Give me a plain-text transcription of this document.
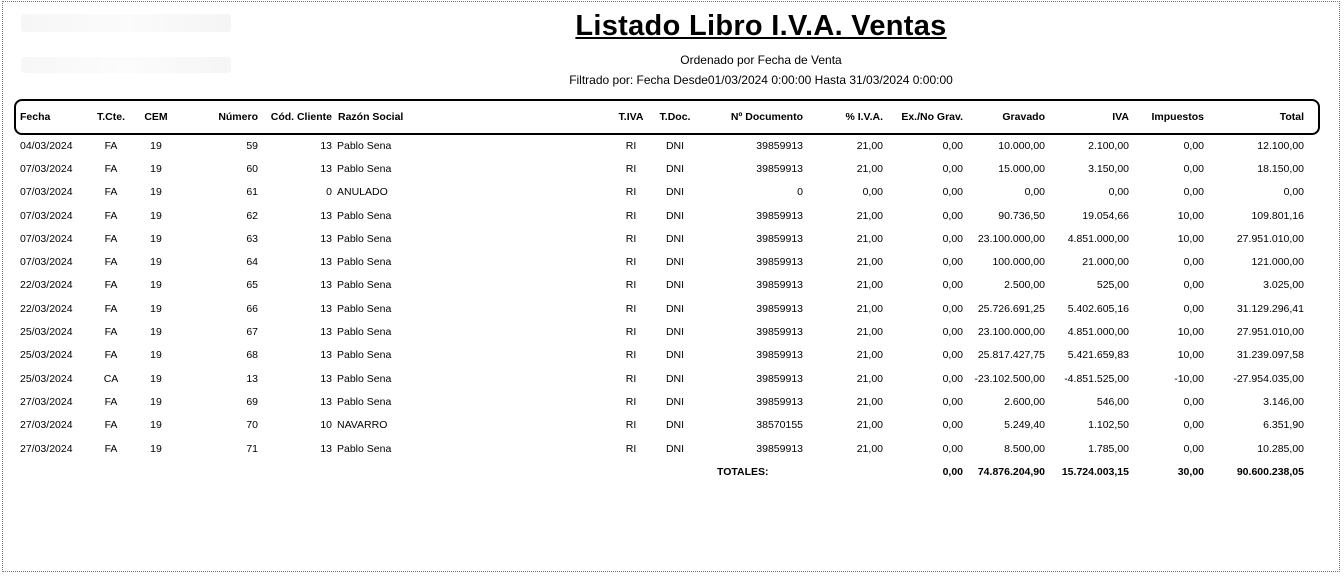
Listado Libro I.V.A. Ventas
Ordenado por Fecha de Venta
Filtrado por: Fecha Desde01/03/2024 0:00:00 Hasta 31/03/2024 0:00:00
Fecha	T.Cte.	CEM	Número	Cód. Cliente	Razón Social	T.IVA	T.Doc.	Nº Documento	% I.V.A.	Ex./No Grav.	Gravado	IVA	Impuestos	Total
04/03/2024	FA	19	59	13	Pablo Sena	RI	DNI	39859913	21,00	0,00	10.000,00	2.100,00	0,00	12.100,00
07/03/2024	FA	19	60	13	Pablo Sena	RI	DNI	39859913	21,00	0,00	15.000,00	3.150,00	0,00	18.150,00
07/03/2024	FA	19	61	0	ANULADO	RI	DNI	0	0,00	0,00	0,00	0,00	0,00	0,00
07/03/2024	FA	19	62	13	Pablo Sena	RI	DNI	39859913	21,00	0,00	90.736,50	19.054,66	10,00	109.801,16
07/03/2024	FA	19	63	13	Pablo Sena	RI	DNI	39859913	21,00	0,00	23.100.000,00	4.851.000,00	10,00	27.951.010,00
07/03/2024	FA	19	64	13	Pablo Sena	RI	DNI	39859913	21,00	0,00	100.000,00	21.000,00	0,00	121.000,00
22/03/2024	FA	19	65	13	Pablo Sena	RI	DNI	39859913	21,00	0,00	2.500,00	525,00	0,00	3.025,00
22/03/2024	FA	19	66	13	Pablo Sena	RI	DNI	39859913	21,00	0,00	25.726.691,25	5.402.605,16	0,00	31.129.296,41
25/03/2024	FA	19	67	13	Pablo Sena	RI	DNI	39859913	21,00	0,00	23.100.000,00	4.851.000,00	10,00	27.951.010,00
25/03/2024	FA	19	68	13	Pablo Sena	RI	DNI	39859913	21,00	0,00	25.817.427,75	5.421.659,83	10,00	31.239.097,58
25/03/2024	CA	19	13	13	Pablo Sena	RI	DNI	39859913	21,00	0,00	-23.102.500,00	-4.851.525,00	-10,00	-27.954.035,00
27/03/2024	FA	19	69	13	Pablo Sena	RI	DNI	39859913	21,00	0,00	2.600,00	546,00	0,00	3.146,00
27/03/2024	FA	19	70	10	NAVARRO	RI	DNI	38570155	21,00	0,00	5.249,40	1.102,50	0,00	6.351,90
27/03/2024	FA	19	71	13	Pablo Sena	RI	DNI	39859913	21,00	0,00	8.500,00	1.785,00	0,00	10.285,00
								TOTALES:		0,00	74.876.204,90	15.724.003,15	30,00	90.600.238,05
